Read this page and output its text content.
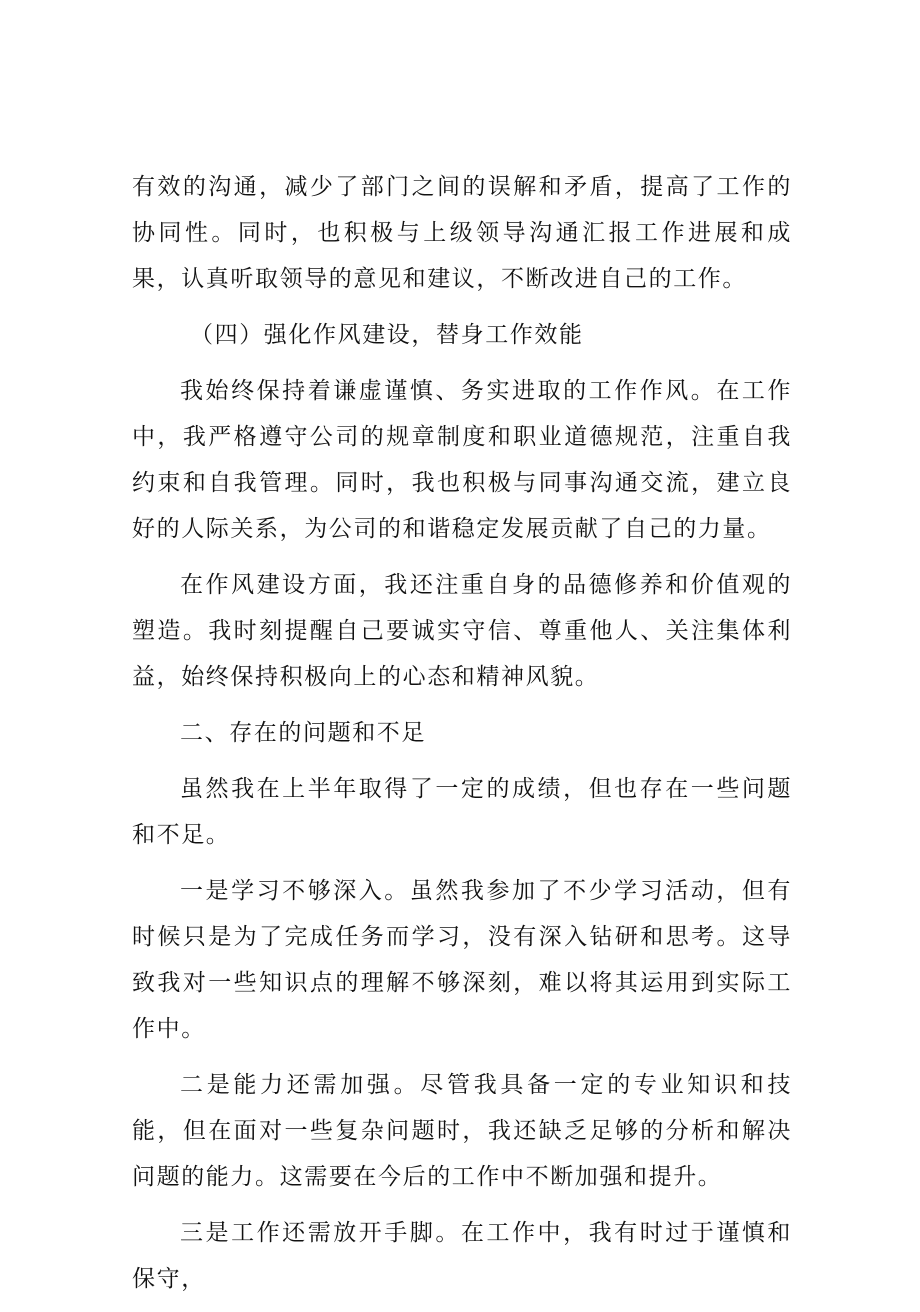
有效的沟通，减少了部门之间的误解和矛盾，提高了工作的协同性。同时，也积极与上级领导沟通汇报工作进展和成果，认真听取领导的意见和建议，不断改进自己的工作。

（四）强化作风建设，替身工作效能

我始终保持着谦虚谨慎、务实进取的工作作风。在工作中，我严格遵守公司的规章制度和职业道德规范，注重自我约束和自我管理。同时，我也积极与同事沟通交流，建立良好的人际关系，为公司的和谐稳定发展贡献了自己的力量。

在作风建设方面，我还注重自身的品德修养和价值观的塑造。我时刻提醒自己要诚实守信、尊重他人、关注集体利益，始终保持积极向上的心态和精神风貌。

二、存在的问题和不足

虽然我在上半年取得了一定的成绩，但也存在一些问题和不足。

一是学习不够深入。虽然我参加了不少学习活动，但有时候只是为了完成任务而学习，没有深入钻研和思考。这导致我对一些知识点的理解不够深刻，难以将其运用到实际工作中。

二是能力还需加强。尽管我具备一定的专业知识和技能，但在面对一些复杂问题时，我还缺乏足够的分析和解决问题的能力。这需要在今后的工作中不断加强和提升。

三是工作还需放开手脚。在工作中，我有时过于谨慎和保守，
